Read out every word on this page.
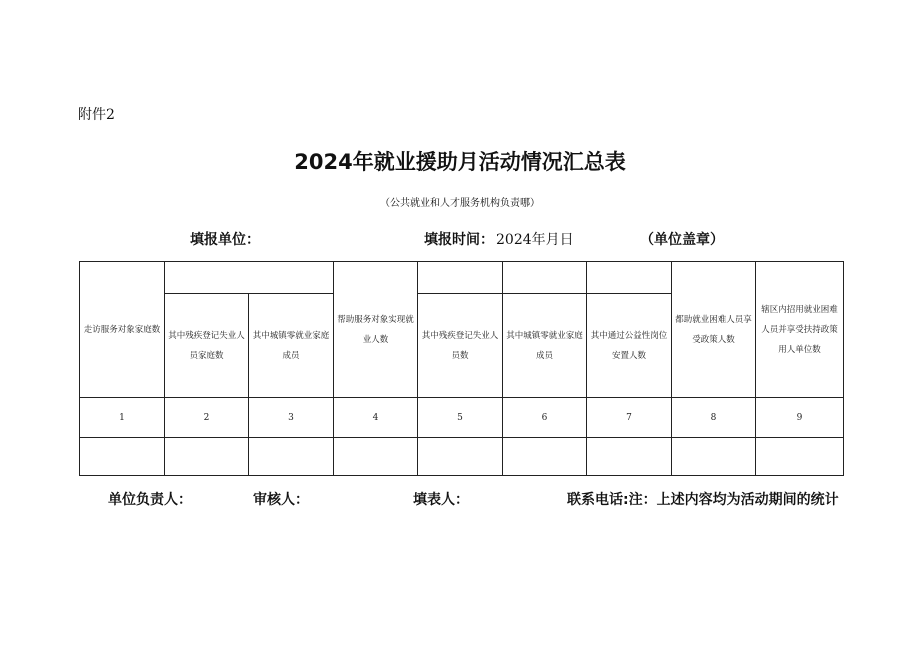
附件2
2024年就业援助月活动情况汇总表
（公共就业和人才服务机构负责哪）
填报单位：	填报时间： 2024年月日	（单位盖章）
走访服务对象家庭数			帮助服务对象实现就业人数				都助就业困难人员享受政策人数	辖区内招用就业困难人员并享受扶持政策用人单位数
	其中残疾登记失业人员家庭数	其中城镇零就业家庭成员		其中残疾登记失业人员数	其中城镇零就业家庭成员	其中通过公益性岗位安置人数		
1	2	3	4	5	6	7	8	9

单位负责人：	审核人：	填表人：	联系电话:注：上述内容均为活动期间的统计
